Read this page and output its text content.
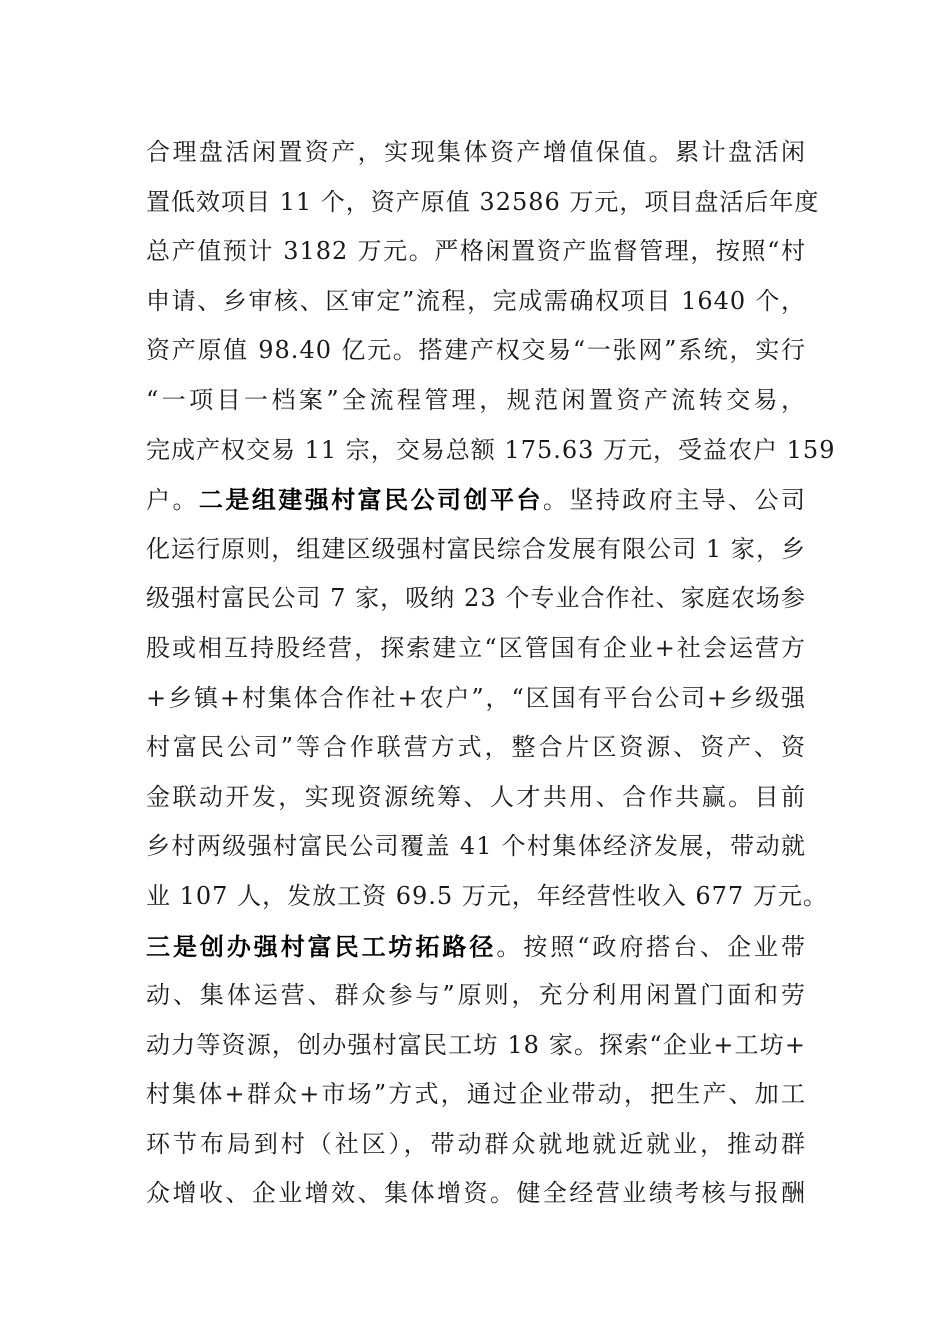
合理盘活闲置资产，实现集体资产增值保值。累计盘活闲
置低效项目 11 个，资产原值 32586 万元，项目盘活后年度
总产值预计 3182 万元。严格闲置资产监督管理，按照“村
申请、乡审核、区审定”流程，完成需确权项目 1640 个，
资产原值 98.40 亿元。搭建产权交易“一张网”系统，实行
“一项目一档案”全流程管理，规范闲置资产流转交易，
完成产权交易 11 宗，交易总额 175.63 万元，受益农户 159
户。二是组建强村富民公司创平台。坚持政府主导、公司
化运行原则，组建区级强村富民综合发展有限公司 1 家，乡
级强村富民公司 7 家，吸纳 23 个专业合作社、家庭农场参
股或相互持股经营，探索建立“区管国有企业+社会运营方
+乡镇+村集体合作社+农户”，“区国有平台公司+乡级强
村富民公司”等合作联营方式，整合片区资源、资产、资
金联动开发，实现资源统筹、人才共用、合作共赢。目前
乡村两级强村富民公司覆盖 41 个村集体经济发展，带动就
业 107 人，发放工资 69.5 万元，年经营性收入 677 万元。
三是创办强村富民工坊拓路径。按照“政府搭台、企业带
动、集体运营、群众参与”原则，充分利用闲置门面和劳
动力等资源，创办强村富民工坊 18 家。探索“企业+工坊+
村集体+群众+市场”方式，通过企业带动，把生产、加工
环节布局到村（社区），带动群众就地就近就业，推动群
众增收、企业增效、集体增资。健全经营业绩考核与报酬
